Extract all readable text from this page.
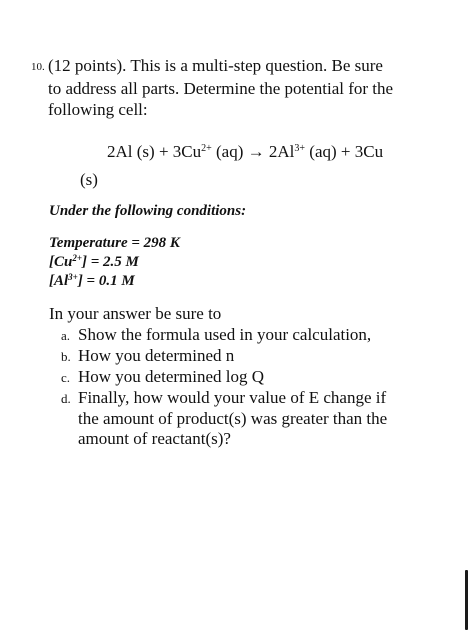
10. (12 points). This is a multi-step question. Be sure
to address all parts. Determine the potential for the
following cell:
2Al $(s) + 3Cu^{2+}$ $(aq) \to 2Al^{3+}$ (aq) + 3Cu
(s)
Under the following conditions:
Temperature = 298 K
$[Cu^{2+}] = 2.5$ M
$[Al^{3+}] = 0.1$ M
In your answer be sure to
a. Show the formula used in your calculation,
b. How you determined n
c. How you determined log Q
d. Finally, how would your value of E change if
the amount of product(s) was greater than the
amount of reactant(s)?
